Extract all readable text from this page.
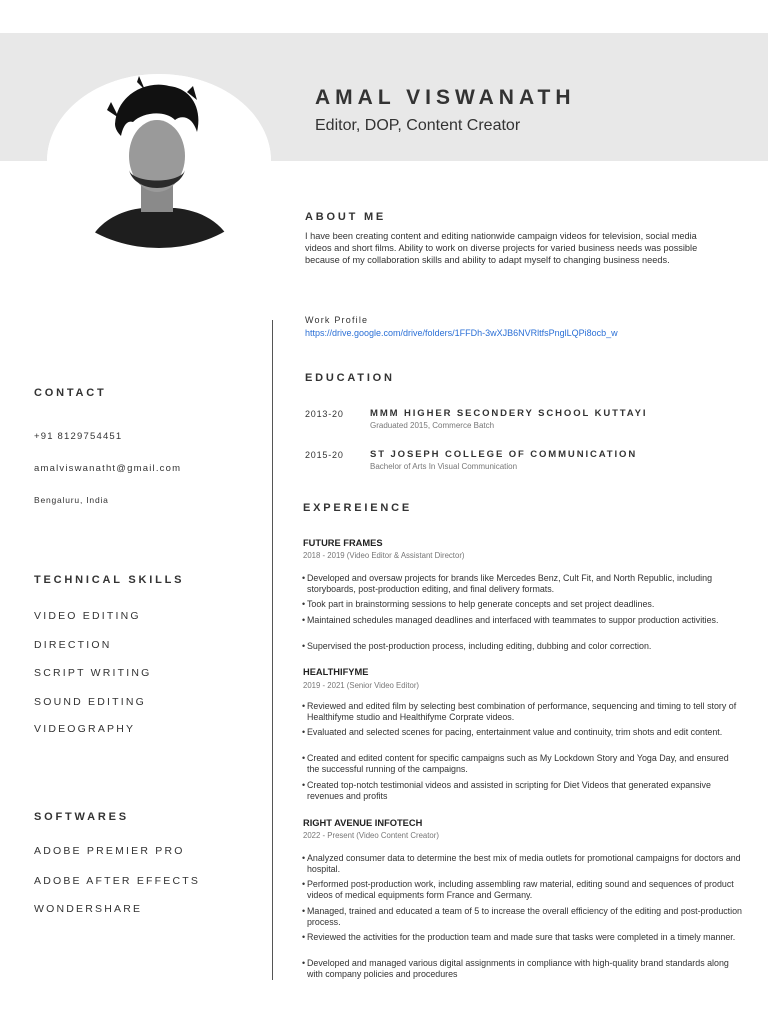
AMAL VISWANATH
Editor, DOP, Content Creator
CONTACT
+91 8129754451
amalviswanatht@gmail.com
Bengaluru, India
TECHNICAL SKILLS
VIDEO EDITING
DIRECTION
SCRIPT WRITING
SOUND EDITING
VIDEOGRAPHY
SOFTWARES
ADOBE PREMIER PRO
ADOBE AFTER EFFECTS
WONDERSHARE
ABOUT ME
I have been creating content and editing nationwide campaign videos for television, social media videos and short films. Ability to work on diverse projects for varied business needs was possible because of my collaboration skills and ability to adapt myself to changing business needs.
Work Profile
https://drive.google.com/drive/folders/1FFDh-3wXJB6NVRltfsPnglLQPi8ocb_w
EDUCATION
2013-20	MMM HIGHER SECONDERY SCHOOL KUTTAYI
Graduated 2015, Commerce Batch
2015-20	ST JOSEPH COLLEGE OF COMMUNICATION
Bachelor of Arts In Visual Communication
EXPEREIENCE
FUTURE FRAMES
2018 - 2019 (Video Editor & Assistant Director)
• Developed and oversaw projects for brands like Mercedes Benz, Cult Fit, and North Republic, including storyboards, post-production editing, and final delivery formats.
• Took part in brainstorming sessions to help generate concepts and set project deadlines.
• Maintained schedules managed deadlines and interfaced with teammates to suppor production activities.
• Supervised the post-production process, including editing, dubbing and color correction.
HEALTHIFYME
2019 - 2021 (Senior Video Editor)
• Reviewed and edited film by selecting best combination of performance, sequencing and timing to tell story of Healthifyme studio and Healthifyme Corprate videos.
• Evaluated and selected scenes for pacing, entertainment value and continuity, trim shots and edit content.
• Created and edited content for specific campaigns such as My Lockdown Story and Yoga Day, and ensured the successful running of the campaigns.
• Created top-notch testimonial videos and assisted in scripting for Diet Videos that generated expansive revenues and profits
RIGHT AVENUE INFOTECH
2022 - Present (Video Content Creator)
• Analyzed consumer data to determine the best mix of media outlets for promotional campaigns for doctors and hospital.
• Performed post-production work, including assembling raw material, editing sound and sequences of product videos of medical equipments form France and Germany.
• Managed, trained and educated a team of 5 to increase the overall efficiency of the editing and post-production process.
• Reviewed the activities for the production team and made sure that tasks were completed in a timely manner.
• Developed and managed various digital assignments in compliance with high-quality brand standards along with company policies and procedures
